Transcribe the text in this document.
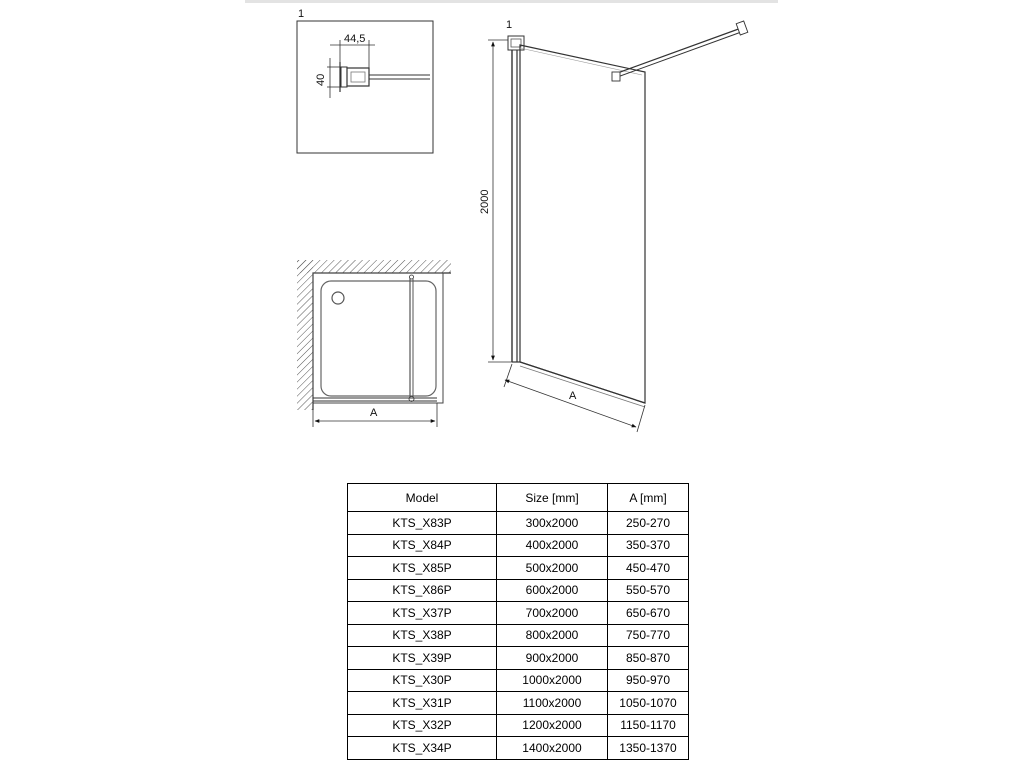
1
44,5
40
A
1
2000
A
Model	Size [mm]	A [mm]
KTS_X83P	300x2000	250-270
KTS_X84P	400x2000	350-370
KTS_X85P	500x2000	450-470
KTS_X86P	600x2000	550-570
KTS_X37P	700x2000	650-670
KTS_X38P	800x2000	750-770
KTS_X39P	900x2000	850-870
KTS_X30P	1000x2000	950-970
KTS_X31P	1100x2000	1050-1070
KTS_X32P	1200x2000	1150-1170
KTS_X34P	1400x2000	1350-1370
